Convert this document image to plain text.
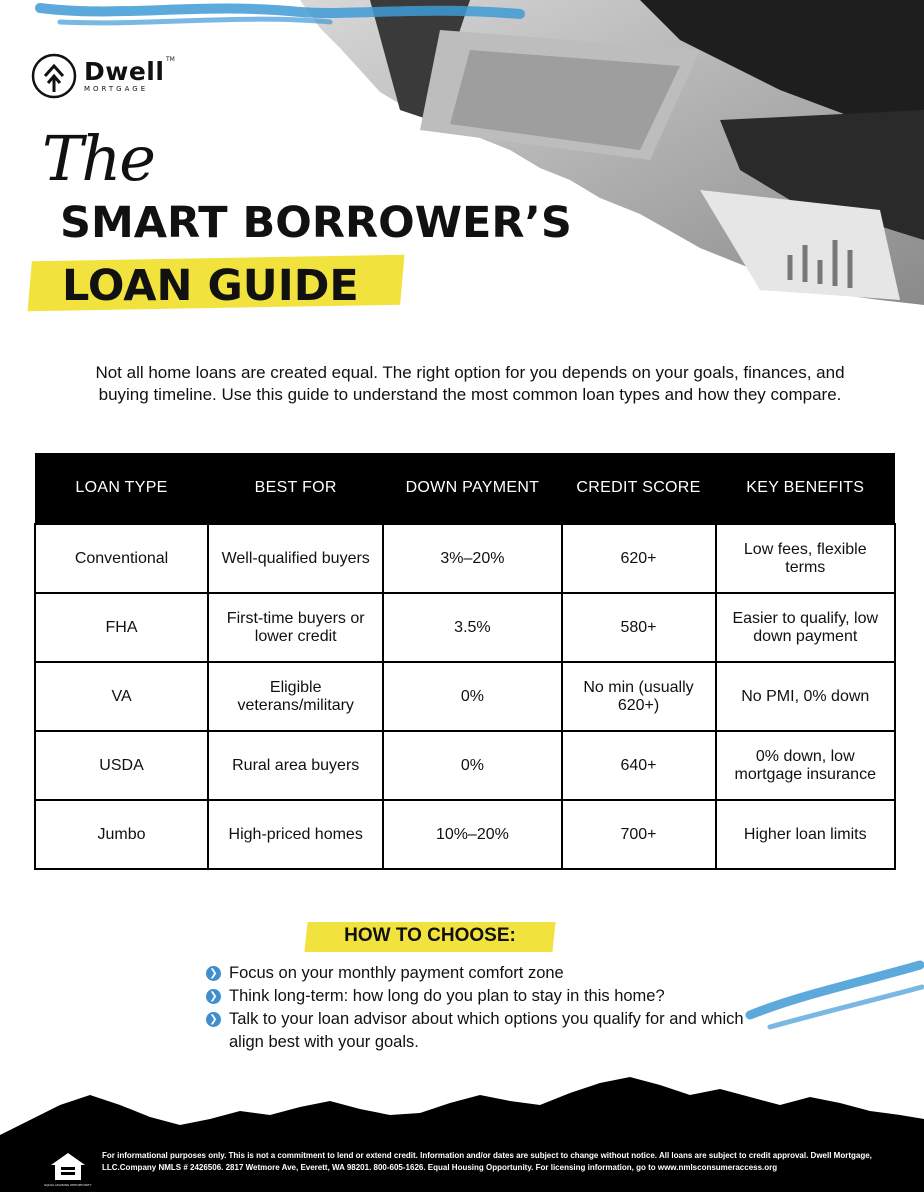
Dwell
MORTGAGE
TM
The
SMART BORROWER’S
LOAN GUIDE

Not all home loans are created equal. The right option for you depends on your goals, finances, and buying timeline. Use this guide to understand the most common loan types and how they compare.

LOAN TYPE	BEST FOR	DOWN PAYMENT	CREDIT SCORE	KEY BENEFITS
Conventional	Well-qualified buyers	3%–20%	620+	Low fees, flexible terms
FHA	First-time buyers or lower credit	3.5%	580+	Easier to qualify, low down payment
VA	Eligible veterans/military	0%	No min (usually 620+)	No PMI, 0% down
USDA	Rural area buyers	0%	640+	0% down, low mortgage insurance
Jumbo	High-priced homes	10%–20%	700+	Higher loan limits
HOW TO CHOOSE:
❯ Focus on your monthly payment comfort zone
❯ Think long-term: how long do you plan to stay in this home?
❯ Talk to your loan advisor about which options you qualify for and which align best with your goals.
EQUAL HOUSING OPPORTUNITY
For informational purposes only. This is not a commitment to lend or extend credit. Information and/or dates are subject to change without notice. All loans are subject to credit approval. Dwell Mortgage, LLC.Company NMLS # 2426506. 2817 Wetmore Ave, Everett, WA 98201. 800-605-1626. Equal Housing Opportunity. For licensing information, go to www.nmlsconsumeraccess.org
